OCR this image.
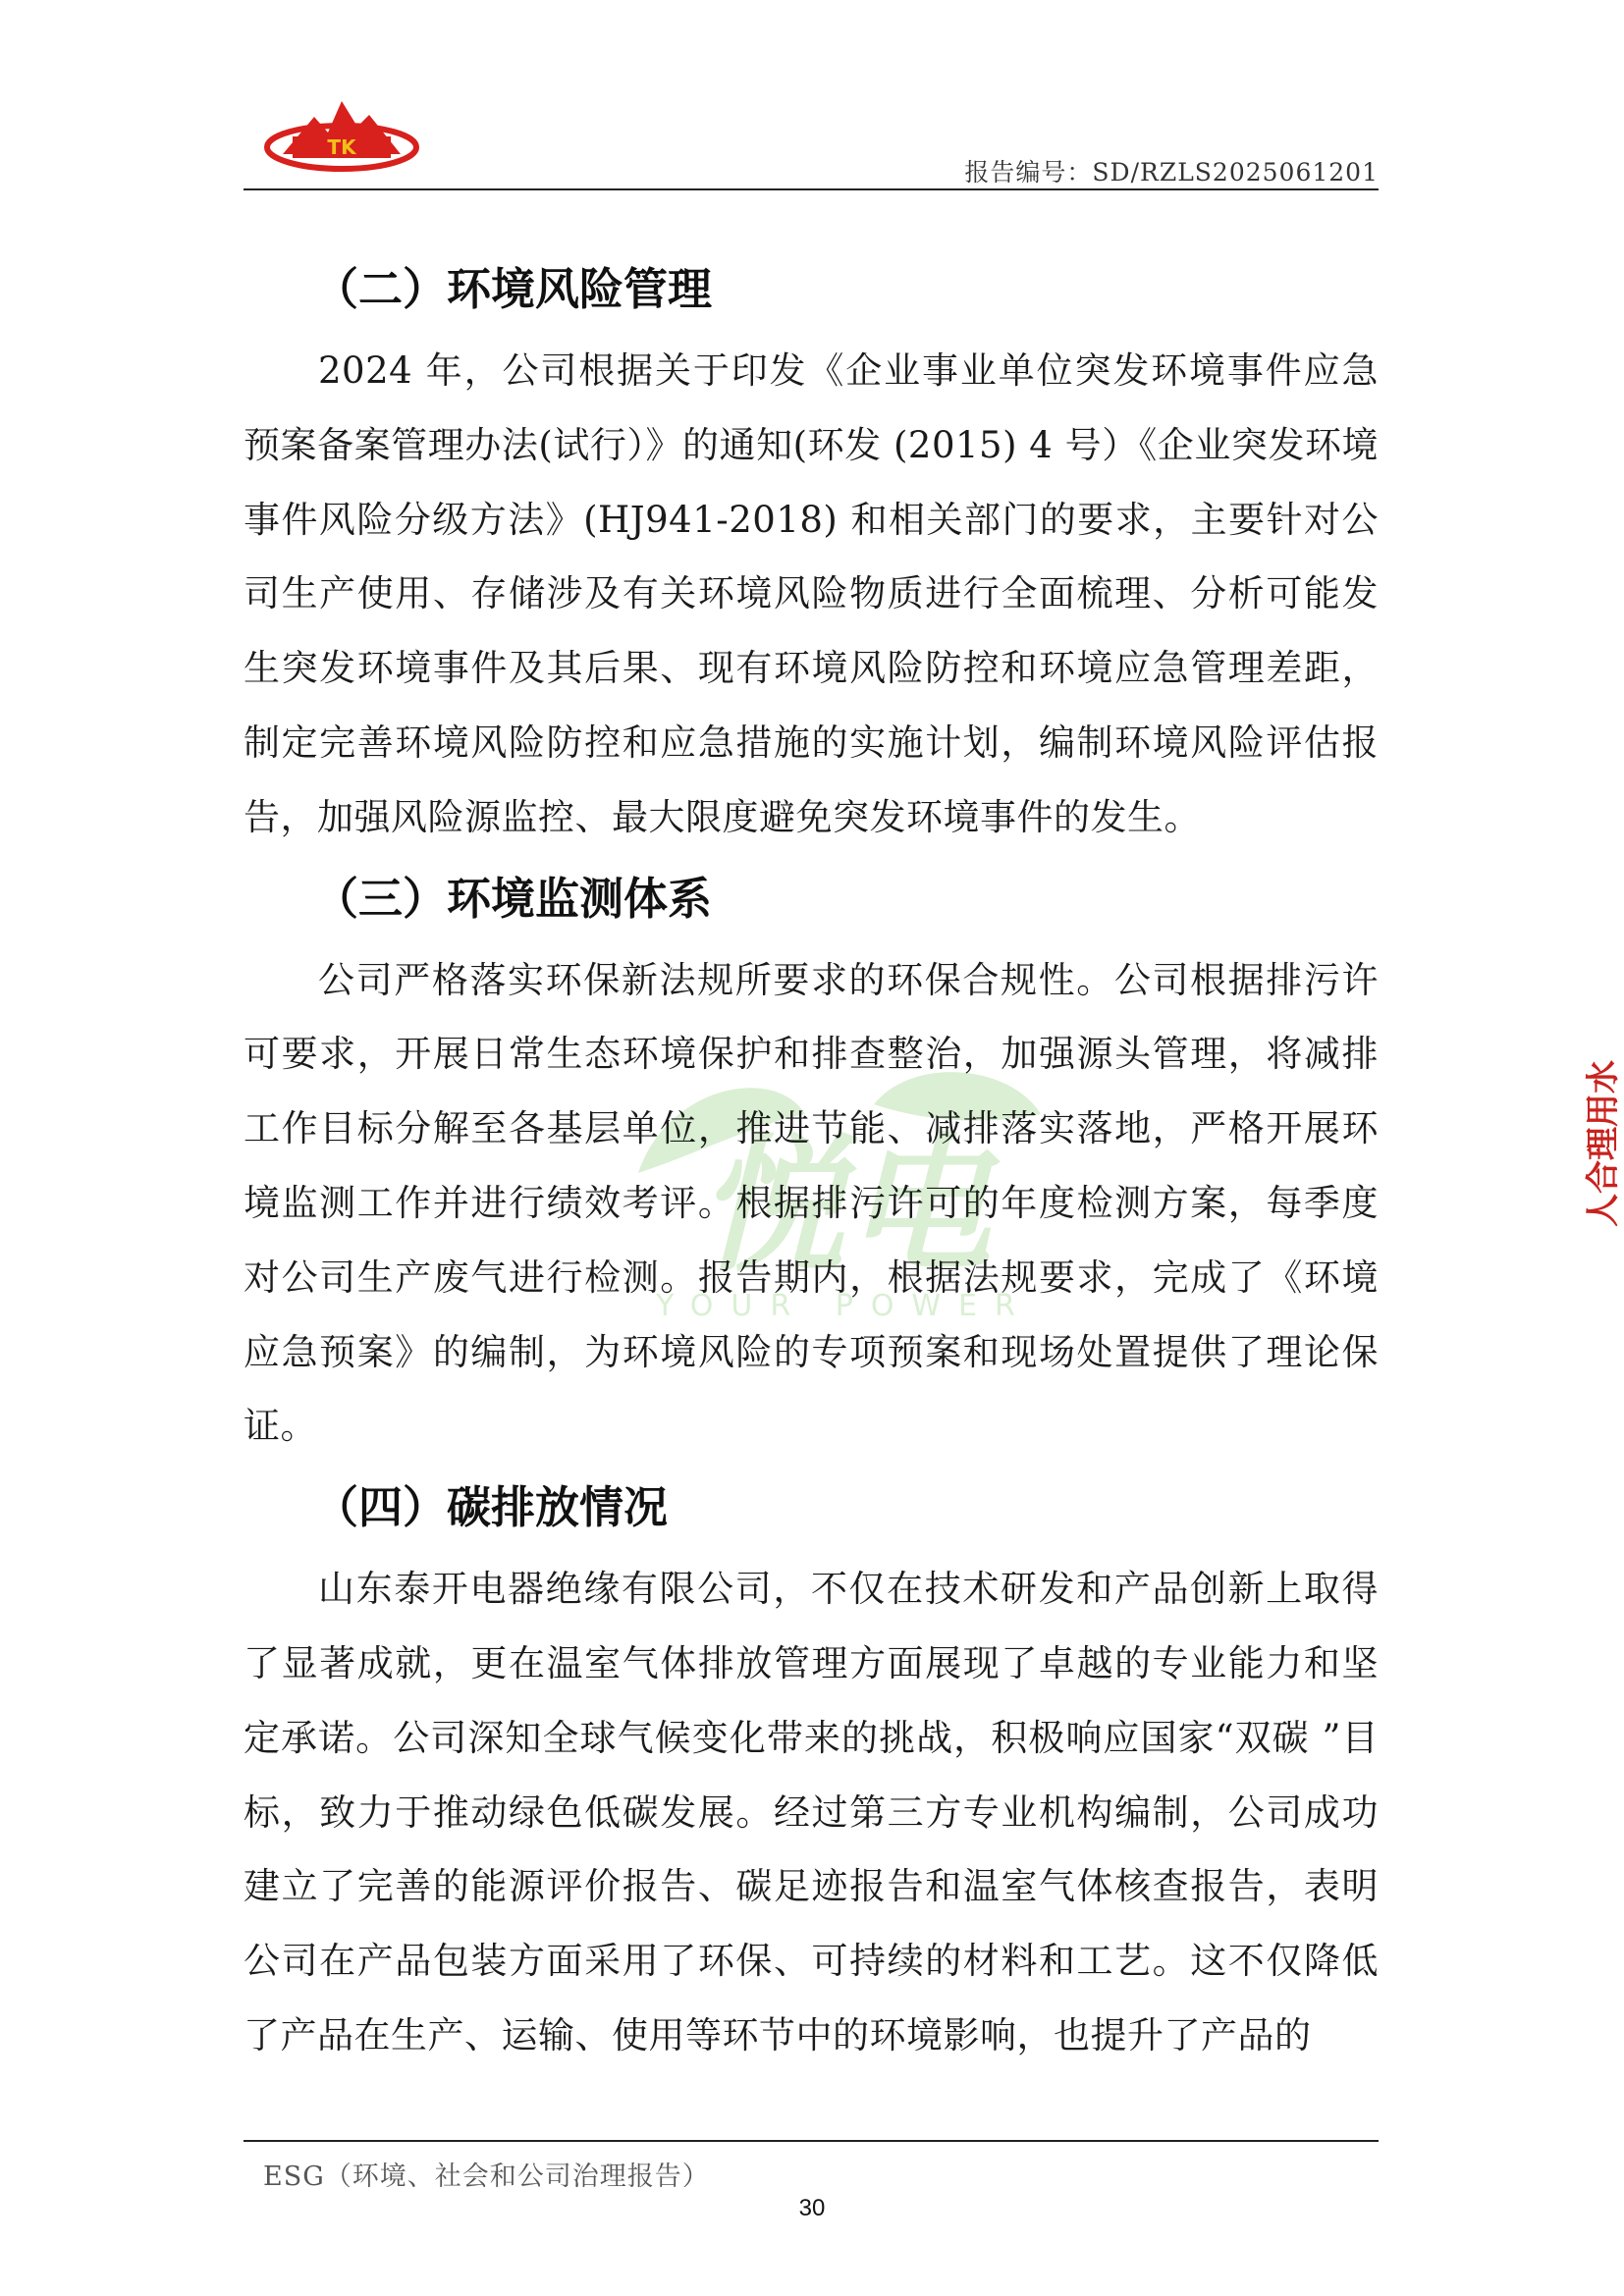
TK
报告编号：SD/RZLS2025061201
悦电
YOUR POWER
人合理用水
（二）环境风险管理

2024 年，公司根据关于印发《企业事业单位突发环境事件应急预案备案管理办法(试行）》的通知(环发 (2015) 4 号）《企业突发环境事件风险分级方法》(HJ941-2018) 和相关部门的要求，主要针对公司生产使用、存储涉及有关环境风险物质进行全面梳理、分析可能发生突发环境事件及其后果、现有环境风险防控和环境应急管理差距，制定完善环境风险防控和应急措施的实施计划，编制环境风险评估报告，加强风险源监控、最大限度避免突发环境事件的发生。

（三）环境监测体系

公司严格落实环保新法规所要求的环保合规性。公司根据排污许可要求，开展日常生态环境保护和排查整治，加强源头管理，将减排工作目标分解至各基层单位，推进节能、减排落实落地，严格开展环境监测工作并进行绩效考评。根据排污许可的年度检测方案，每季度对公司生产废气进行检测。报告期内，根据法规要求，完成了《环境应急预案》的编制，为环境风险的专项预案和现场处置提供了理论保证。

（四）碳排放情况

山东泰开电器绝缘有限公司，不仅在技术研发和产品创新上取得了显著成就，更在温室气体排放管理方面展现了卓越的专业能力和坚定承诺。公司深知全球气候变化带来的挑战，积极响应国家“双碳 ”目标，致力于推动绿色低碳发展。经过第三方专业机构编制，公司成功建立了完善的能源评价报告、碳足迹报告和温室气体核查报告，表明公司在产品包装方面采用了环保、可持续的材料和工艺。这不仅降低了产品在生产、运输、使用等环节中的环境影响，也提升了产品的

ESG（环境、社会和公司治理报告）
30
